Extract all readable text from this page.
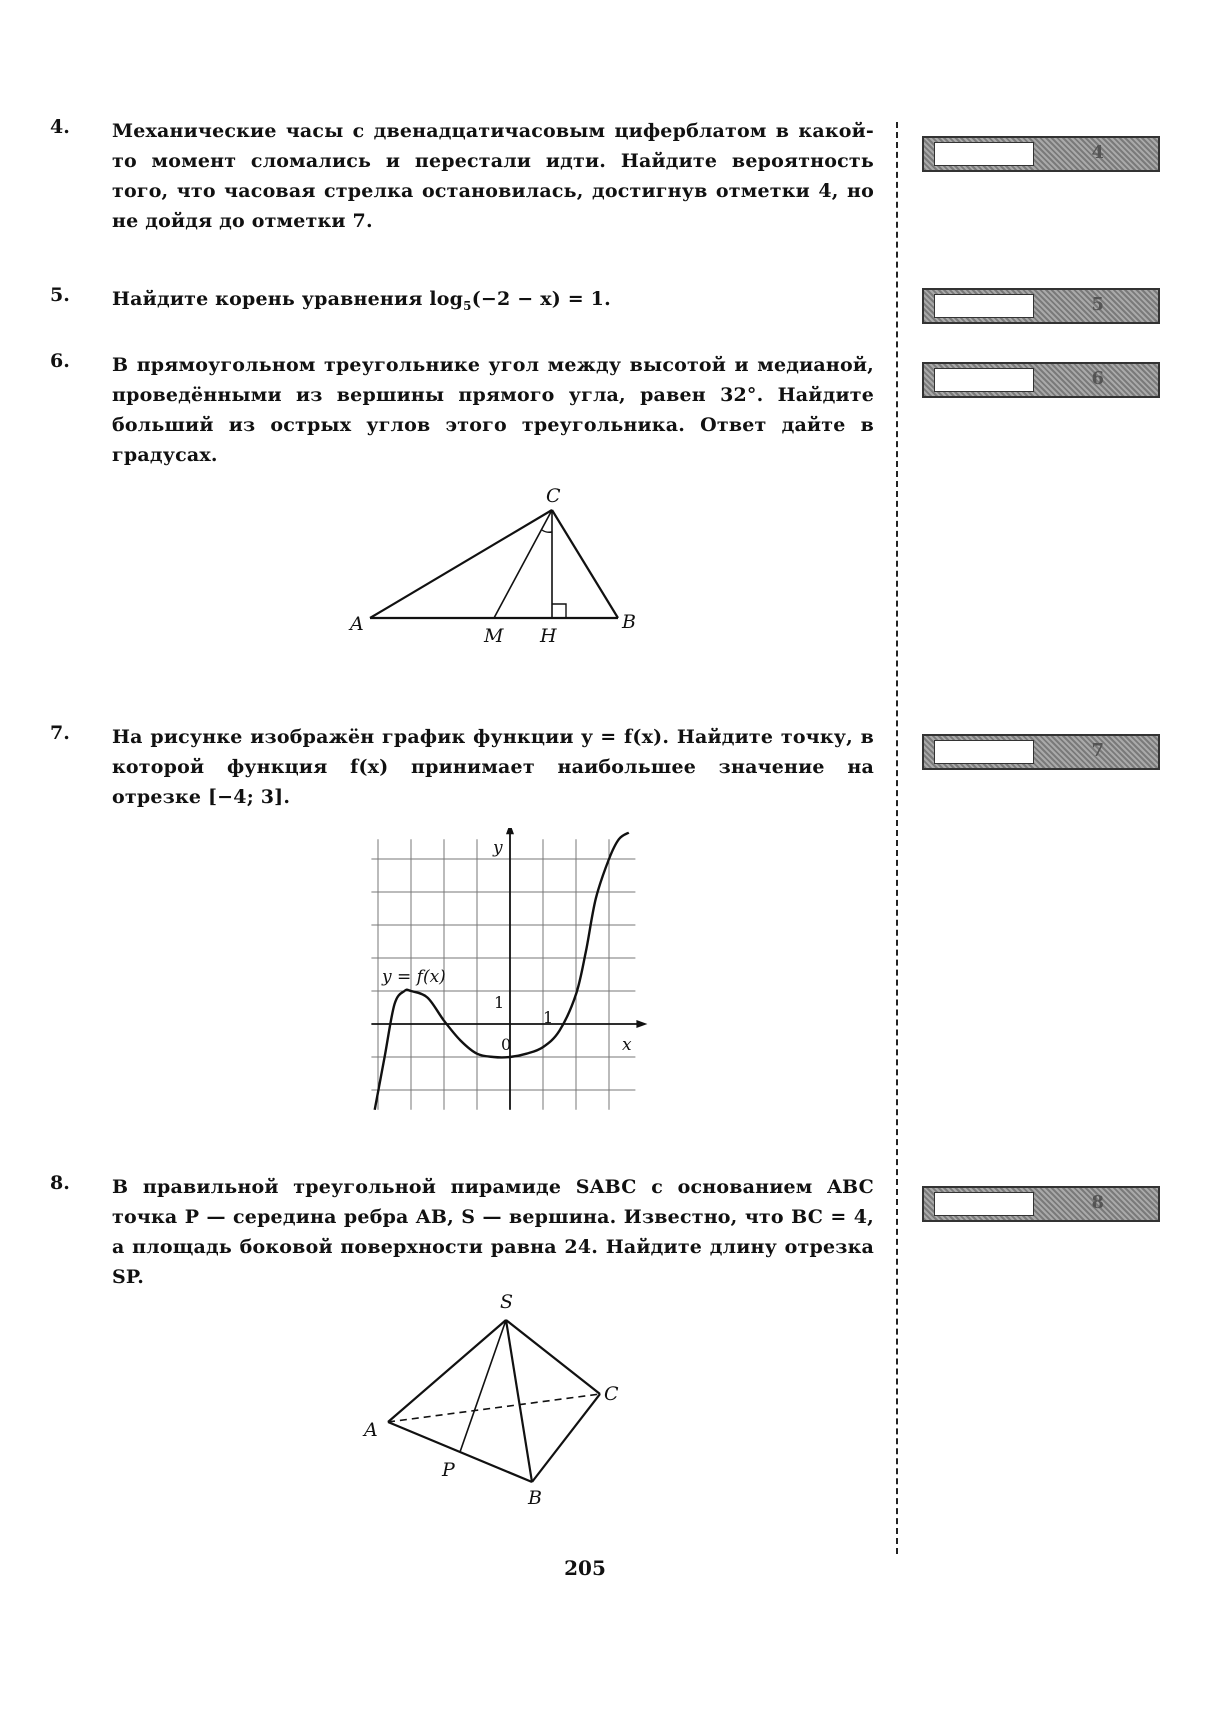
4. Механические часы с двенадцатичасовым циферблатом в какой-то момент сломались и перестали идти. Найдите вероятность того, что часовая стрелка остановилась, достигнув отметки 4, но не дойдя до отметки 7.
4
5. Найдите корень уравнения $\log_5(-2 - x) = 1$.	5
6. В прямоугольном треугольнике угол между высотой и медианой, проведёнными из вершины прямого угла, равен 32°. Найдите больший из острых углов этого треугольника. Ответ дайте в градусах.
6
C
A	B
M H
7. На рисунке изображён график функции y = f(x). Найдите точку, в которой функция f(x) принимает наибольшее значение на отрезке [−4; 3].
7
y
x
y = f(x)
1
1
0
8. В правильной треугольной пирамиде SABC с основанием ABC точка P — середина ребра AB, S — вершина. Известно, что BC = 4, а площадь боковой поверхности равна 24. Найдите длину отрезка SP.
8
S
A
B
C
P
205
